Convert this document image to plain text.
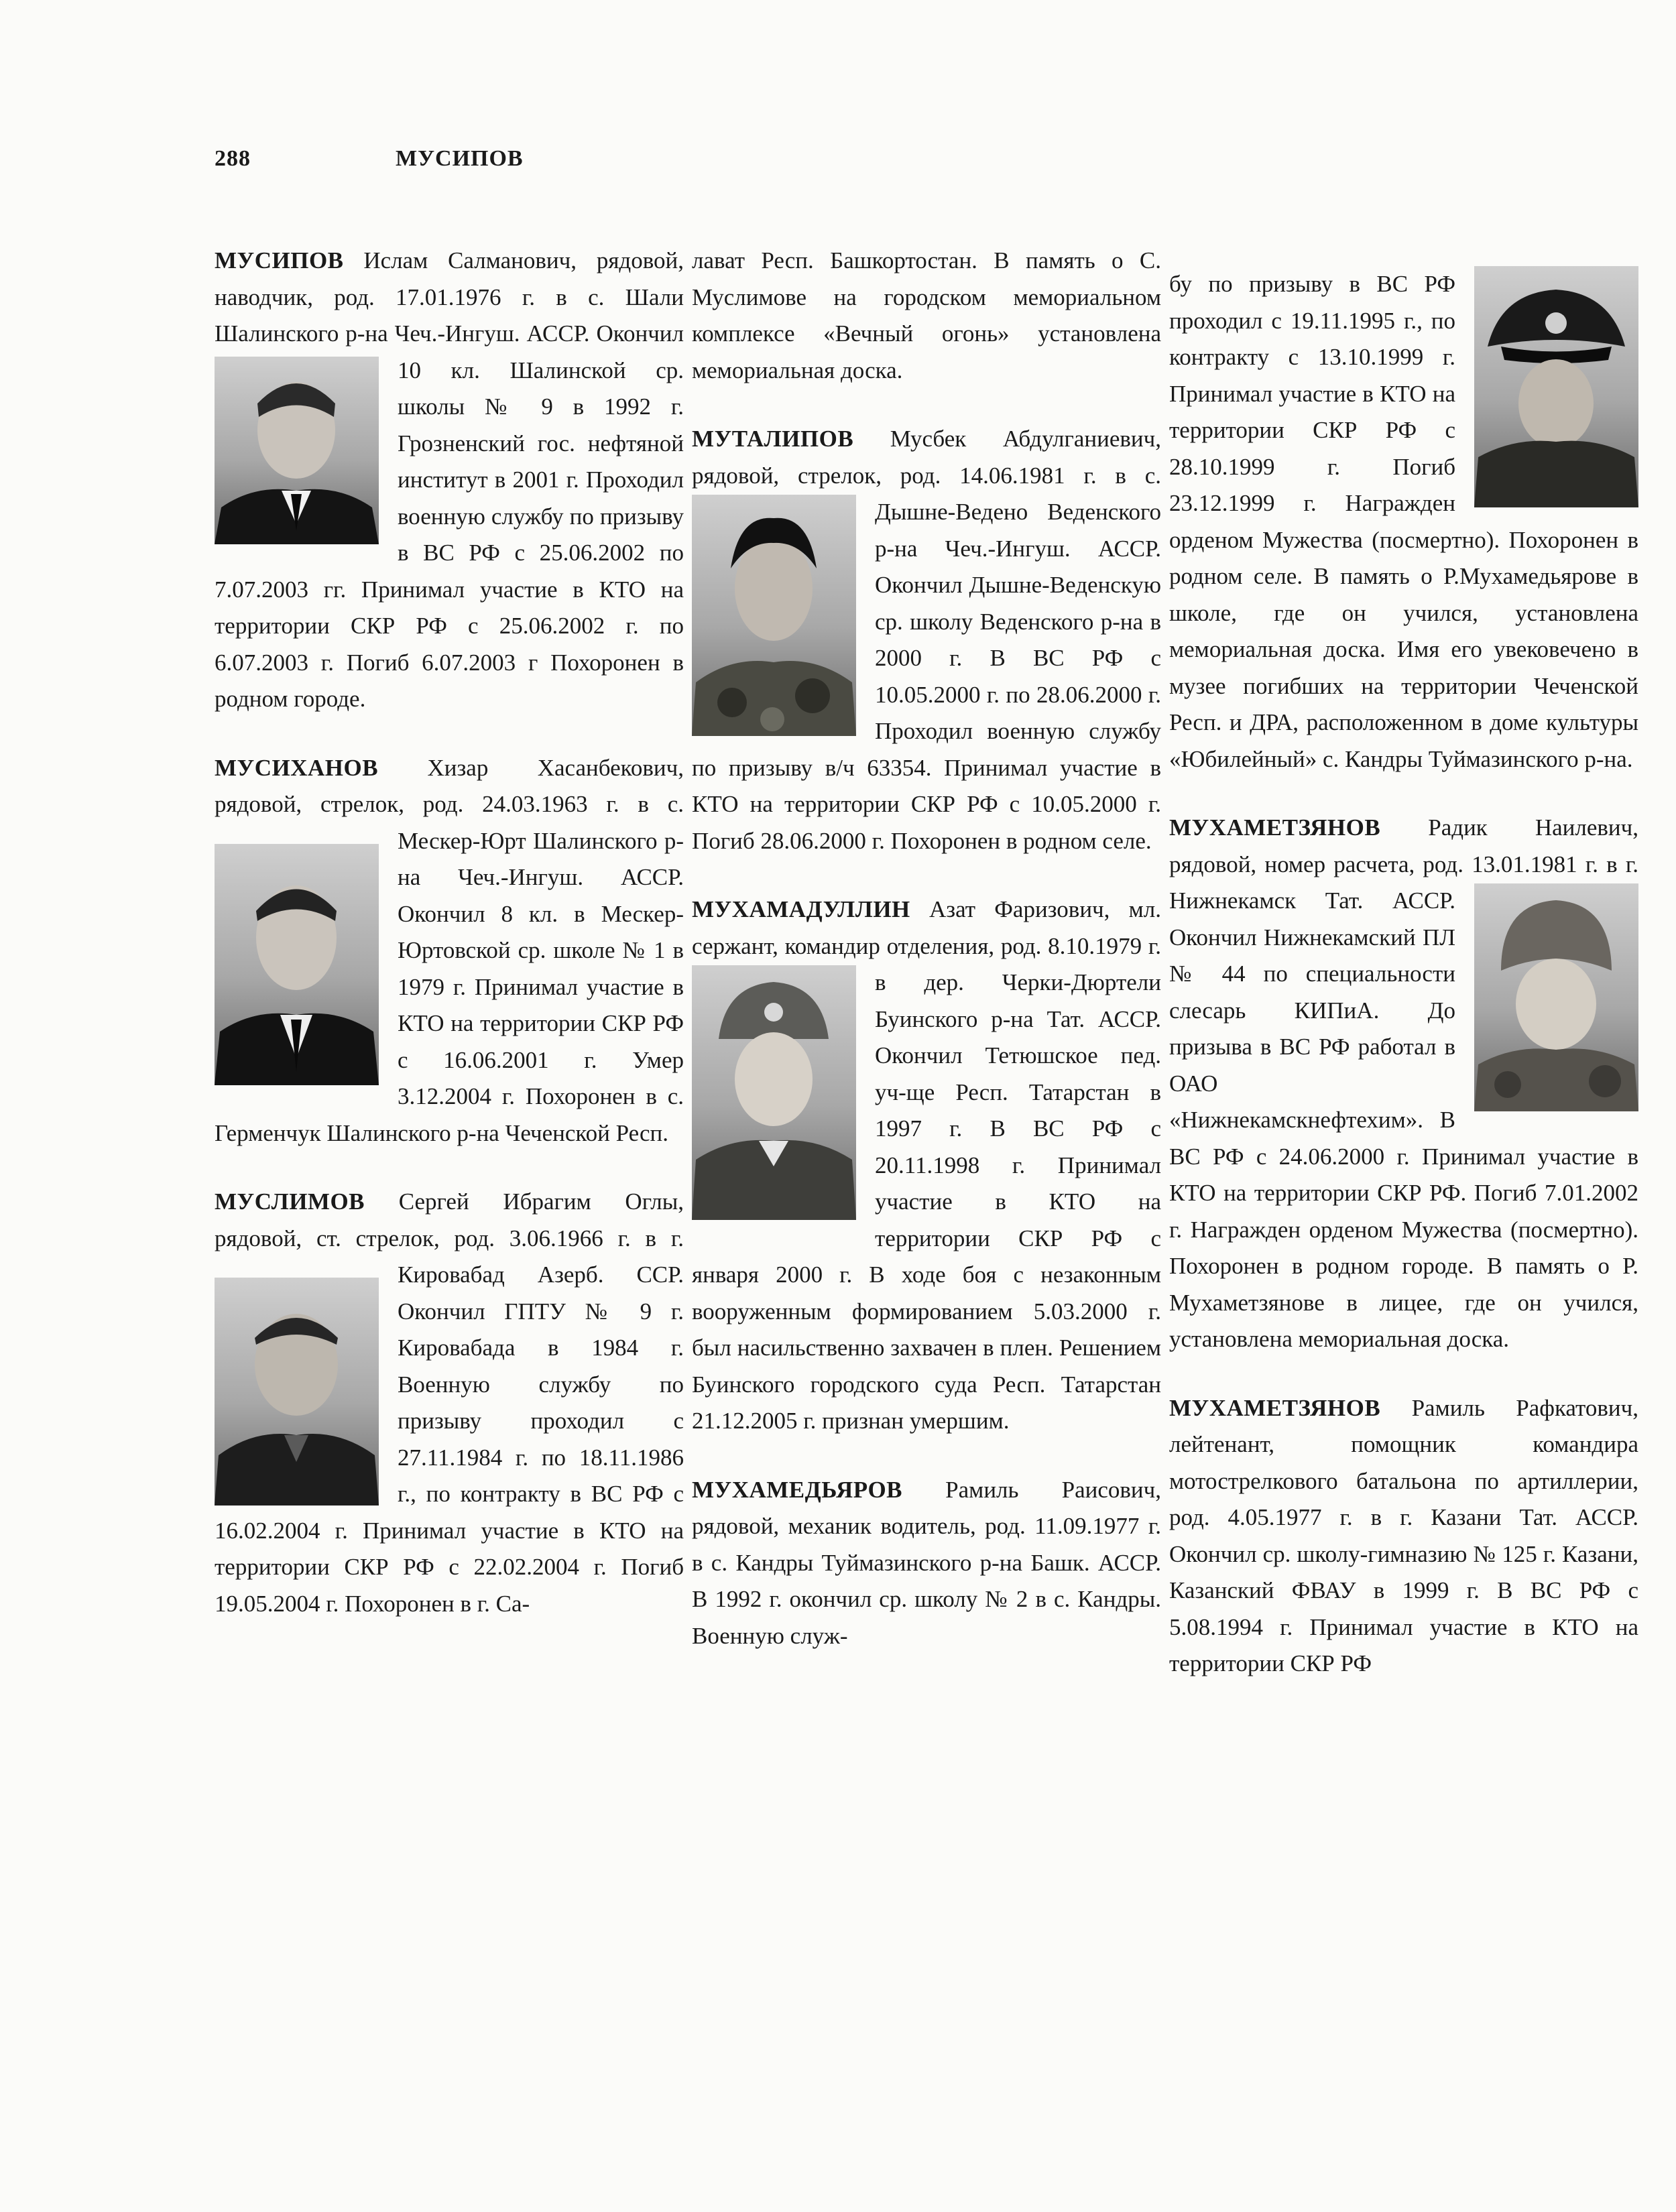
288	МУСИПОВ

МУСИПОВ Ислам Салманович, рядовой, наводчик, род. 17.01.1976 г. в с. Шали Шалинского р-на Чеч.-Ингуш. АССР. Окончил 10 кл. Шалинской ср. школы № 9 в 1992 г. Грозненский гос. нефтяной институт в 2001 г. Проходил военную службу по призыву в ВС РФ с 25.06.2002 по 7.07.2003 гг. Принимал участие в КТО на территории СКР РФ с 25.06.2002 г. по 6.07.2003 г. Погиб 6.07.2003 г Похоронен в родном городе.

МУСИХАНОВ Хизар Хасанбекович, рядовой, стрелок, род. 24.03.1963 г. в с. Мескер-Юрт Шалинского р-на Чеч.-Ингуш. АССР. Окончил 8 кл. в Мескер-Юртовской ср. школе № 1 в 1979 г. Принимал участие в КТО на территории СКР РФ с 16.06.2001 г. Умер 3.12.2004 г. Похоронен в с. Герменчук Шалинского р-на Чеченской Респ.

МУСЛИМОВ Сергей Ибрагим Оглы, рядовой, ст. стрелок, род. 3.06.1966 г. в г. Кировабад Азерб. ССР. Окончил ГПТУ № 9 г. Кировабада в 1984 г. Военную службу по призыву проходил с 27.11.1984 г. по 18.11.1986 г., по контракту в ВС РФ с 16.02.2004 г. Принимал участие в КТО на территории СКР РФ с 22.02.2004 г. Погиб 19.05.2004 г. Похоронен в г. Са-

лават Респ. Башкортостан. В память о С. Муслимове на городском мемориальном комплексе «Вечный огонь» установлена мемориальная доска.

МУТАЛИПОВ Мусбек Абдулганиевич, рядовой, стрелок, род. 14.06.1981 г. в с. Дышне-Ведено Веденского р-на Чеч.-Ингуш. АССР. Окончил Дышне-Веденскую ср. школу Веденского р-на в 2000 г. В ВС РФ с 10.05.2000 г. по 28.06.2000 г. Проходил военную службу по призыву в/ч 63354. Принимал участие в КТО на территории СКР РФ с 10.05.2000 г. Погиб 28.06.2000 г. Похоронен в родном селе.

МУХАМАДУЛЛИН Азат Фаризович, мл. сержант, командир отделения, род. 8.10.1979 г. в дер. Черки-Дюртели Буинского р-на Тат. АССР. Окончил Тетюшское пед. уч-ще Респ. Татарстан в 1997 г. В ВС РФ с 20.11.1998 г. Принимал участие в КТО на территории СКР РФ с января 2000 г. В ходе боя с незаконным вооруженным формированием 5.03.2000 г. был насильственно захвачен в плен. Решением Буинского городского суда Респ. Татарстан 21.12.2005 г. признан умершим.

МУХАМЕДЬЯРОВ Рамиль Раисович, рядовой, механик водитель, род. 11.09.1977 г. в с. Кандры Туймазинского р-на Башк. АССР. В 1992 г. окончил ср. школу № 2 в с. Кандры. Военную служ-

бу по призыву в ВС РФ проходил с 19.11.1995 г., по контракту с 13.10.1999 г. Принимал участие в КТО на территории СКР РФ с 28.10.1999 г. Погиб 23.12.1999 г. Награжден орденом Мужества (посмертно). Похоронен в родном селе. В память о Р.Мухамедьярове в школе, где он учился, установлена мемориальная доска. Имя его увековечено в музее погибших на территории Чеченской Респ. и ДРА, расположенном в доме культуры «Юбилейный» с. Кандры Туймазинского р-на.

МУХАМЕТЗЯНОВ Радик Наилевич, рядовой, номер расчета, род. 13.01.1981 г. в г. Нижнекамск Тат. АССР. Окончил Нижнекамский ПЛ № 44 по специальности слесарь КИПиА. До призыва в ВС РФ работал в ОАО «Нижнекамскнефтехим». В ВС РФ с 24.06.2000 г. Принимал участие в КТО на территории СКР РФ. Погиб 7.01.2002 г. Награжден орденом Мужества (посмертно). Похоронен в родном городе. В память о Р. Мухаметзянове в лицее, где он учился, установлена мемориальная доска.

МУХАМЕТЗЯНОВ Рамиль Рафкатович, лейтенант, помощник командира мотострелкового батальона по артиллерии, род. 4.05.1977 г. в г. Казани Тат. АССР. Окончил ср. школу-гимназию № 125 г. Казани, Казанский ФВАУ в 1999 г. В ВС РФ с 5.08.1994 г. Принимал участие в КТО на территории СКР РФ
